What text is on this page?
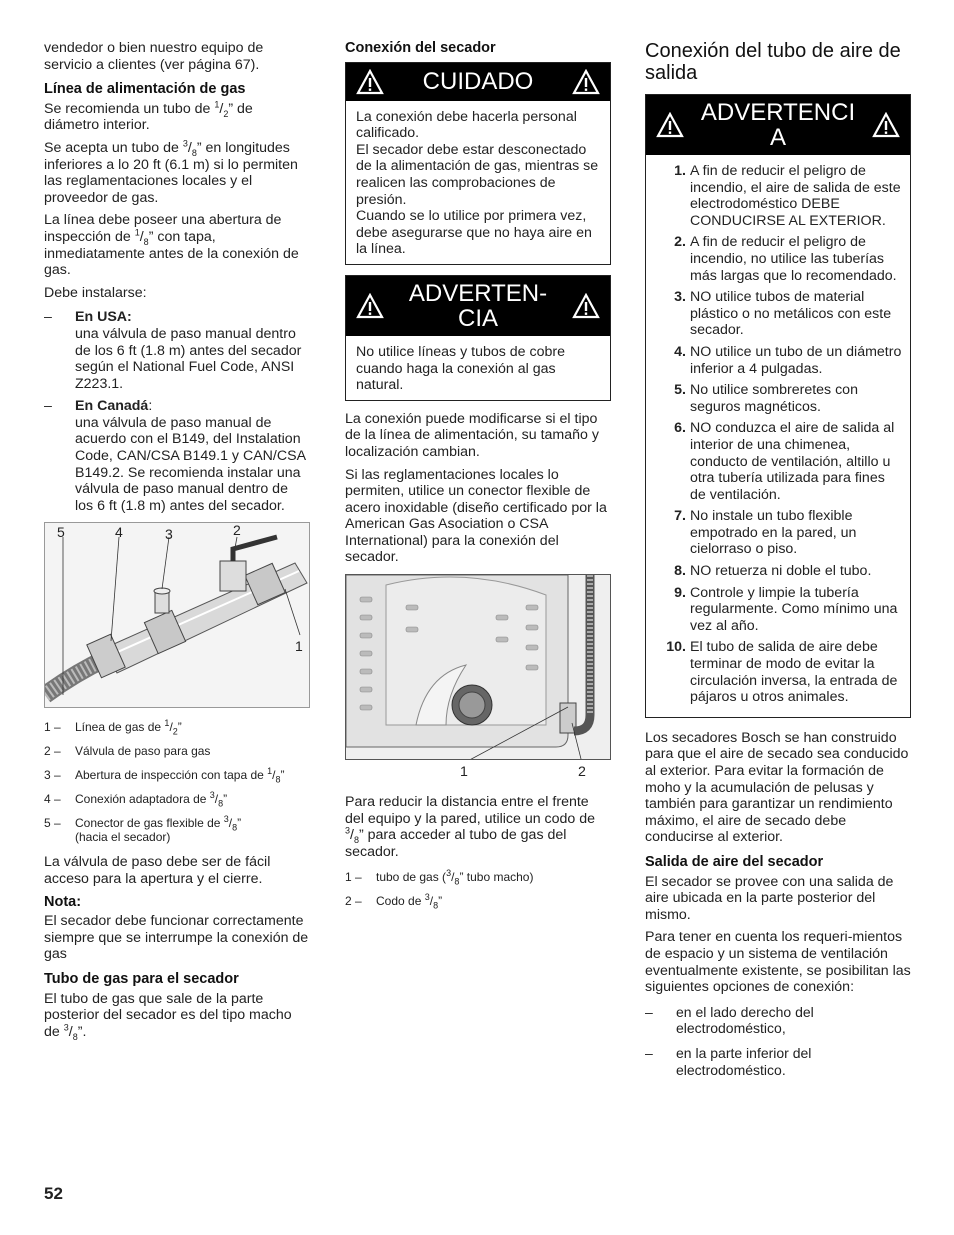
vendedor o bien nuestro equipo de servicio a clientes (ver página 67).

Línea de alimentación de gas

Se recomienda un tubo de $^1/_2$” de diámetro interior.

Se acepta un tubo de $^3/_8$” en longitudes inferiores a lo 20 ft (6.1 m) si lo permiten las reglamentaciones locales y el proveedor de gas.

La línea debe poseer una abertura de inspección de $^1/_8$” con tapa, inmediatamente antes de la conexión de gas.

Debe instalarse:

–	En USA:
una válvula de paso manual dentro de los 6 ft (1.8 m) antes del secador según el National Fuel Code, ANSI Z223.1.
–	En Canadá:
una válvula de paso manual de acuerdo con el B149, del Instalation Code, CAN/CSA B149.1 y CAN/CSA B149.2. Se recomienda instalar una válvula de paso manual dentro de los 6 ft (1.8 m) antes del secador.
5	4	3	2
1
1 –	Línea de gas de $^1/_2$”
2 –	Válvula de paso para gas
3 –	Abertura de inspección con tapa de $^1/_8$”
4 –	Conexión adaptadora de $^3/_8$”
5 –	Conector de gas flexible de $^3/_8$”
(hacia el secador)

La válvula de paso debe ser de fácil acceso para la apertura y el cierre.

Nota:

El secador debe funcionar correctamente siempre que se interrumpe la conexión de gas

Tubo de gas para el secador

El tubo de gas que sale de la parte posterior del secador es del tipo macho de $^3/_8$”.

Conexión del secador
CUIDADO
La conexión debe hacerla personal calificado.
El secador debe estar desconectado de la alimentación de gas, mientras se realicen las comprobaciones de presión.
Cuando se lo utilice por primera vez, debe asegurarse que no haya aire en la línea.
ADVERTEN-
CIA
No utilice líneas y tubos de cobre cuando haga la conexión al gas natural.

La conexión puede modificarse si el tipo de la línea de alimentación, su tamaño y localización cambian.

Si las reglamentaciones locales lo permiten, utilice un conector flexible de acero inoxidable (diseño certificado por la American Gas Asociation o CSA International) para la conexión del secador.

1	2

Para reducir la distancia entre el frente del equipo y la pared, utilice un codo de $^3/_8$” para acceder al tubo de gas del secador.

1 –	tubo de gas ($^3/_8$” tubo macho)
2 –	Codo de $^3/_8$”
Conexión del tubo de aire de salida
ADVERTENCI
A
1. A fin de reducir el peligro de incendio, el aire de salida de este electrodoméstico DEBE CONDUCIRSE AL EXTERIOR.
2. A fin de reducir el peligro de incendio, no utilice las tuberías más largas que lo recomendado.
3. NO utilice tubos de material plástico o no metálicos con este secador.
4. NO utilice un tubo de un diámetro inferior a 4 pulgadas.
5. No utilice sombreretes con seguros magnéticos.
6. NO conduzca el aire de salida al interior de una chimenea, conducto de ventilación, altillo u otra tubería utilizada para fines de ventilación.
7. No instale un tubo flexible empotrado en la pared, un cielorraso o piso.
8. NO retuerza ni doble el tubo.
9. Controle y limpie la tubería regularmente. Como mínimo una vez al año.
10. El tubo de salida de aire debe terminar de modo de evitar la circulación inversa, la entrada de pájaros u otros animales.

Los secadores Bosch se han construido para que el aire de secado sea conducido al exterior. Para evitar la formación de moho y la acumulación de pelusas y también para garantizar un rendimiento máximo, el aire de secado debe conducirse al exterior.

Salida de aire del secador

El secador se provee con una salida de aire ubicada en la parte posterior del mismo.

Para tener en cuenta los requeri-mientos de espacio y un sistema de ventilación eventualmente existente, se posibilitan las siguientes opciones de conexión:

–	en el lado derecho del electrodoméstico,
–	en la parte inferior del electrodoméstico.
52
